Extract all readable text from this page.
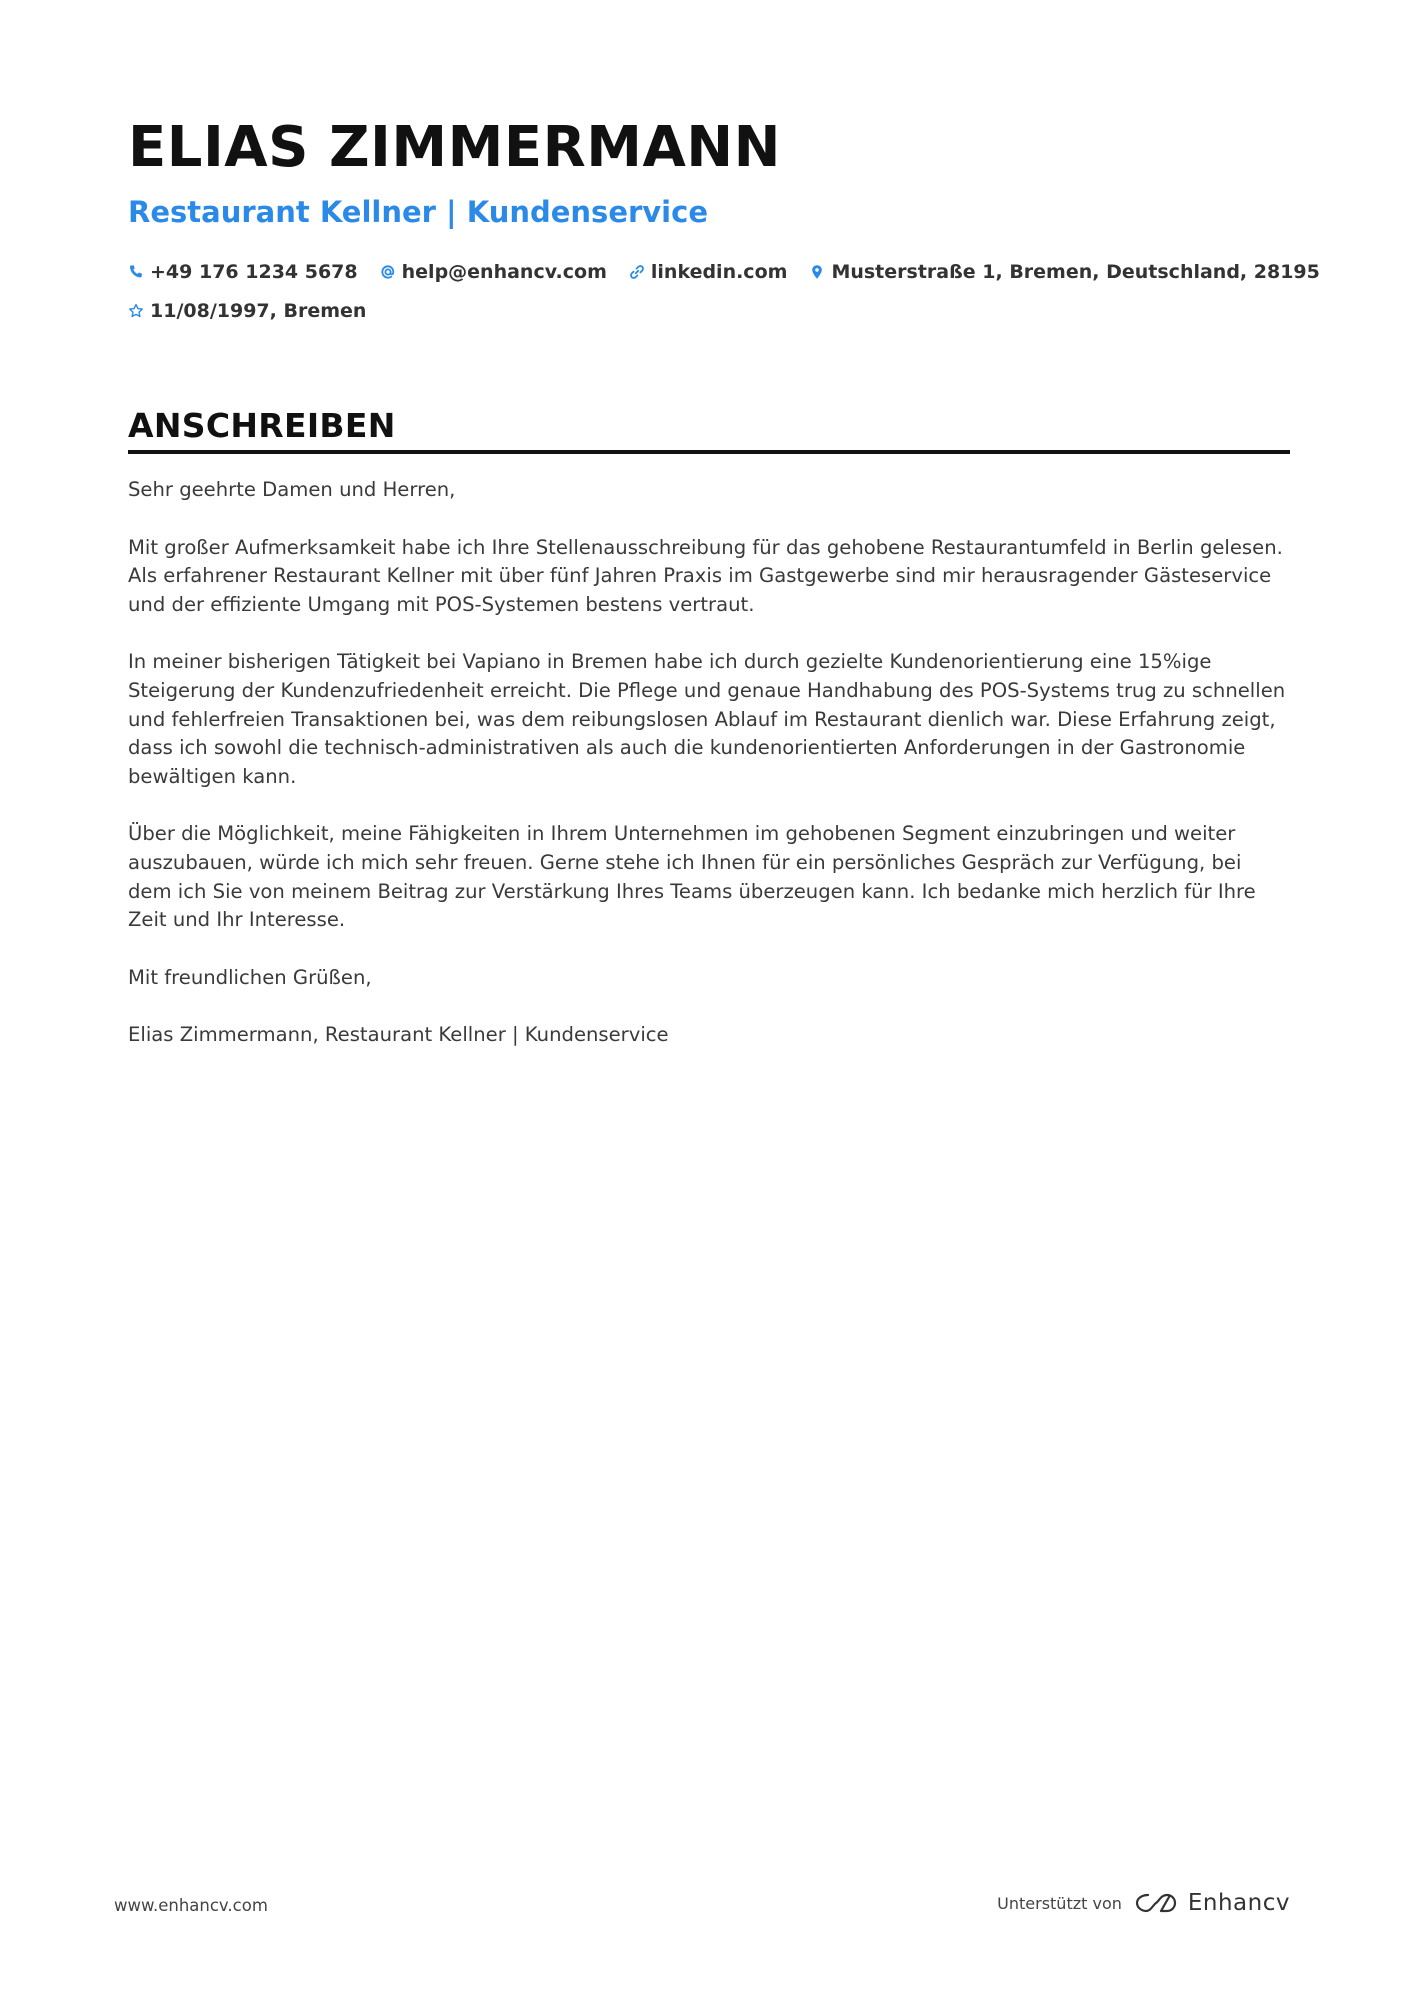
ELIAS ZIMMERMANN
Restaurant Kellner | Kundenservice
+49 176 1234 5678 help@enhancv.com linkedin.com Musterstraße 1, Bremen, Deutschland, 28195
11/08/1997, Bremen
ANSCHREIBEN

Sehr geehrte Damen und Herren,

Mit großer Aufmerksamkeit habe ich Ihre Stellenausschreibung für das gehobene Restaurantumfeld in Berlin gelesen. Als erfahrener Restaurant Kellner mit über fünf Jahren Praxis im Gastgewerbe sind mir herausragender Gästeservice und der effiziente Umgang mit POS-Systemen bestens vertraut.

In meiner bisherigen Tätigkeit bei Vapiano in Bremen habe ich durch gezielte Kundenorientierung eine 15%ige Steigerung der Kundenzufriedenheit erreicht. Die Pflege und genaue Handhabung des POS-Systems trug zu schnellen und fehlerfreien Transaktionen bei, was dem reibungslosen Ablauf im Restaurant dienlich war. Diese Erfahrung zeigt, dass ich sowohl die technisch-administrativen als auch die kundenorientierten Anforderungen in der Gastronomie bewältigen kann.

Über die Möglichkeit, meine Fähigkeiten in Ihrem Unternehmen im gehobenen Segment einzubringen und weiter auszubauen, würde ich mich sehr freuen. Gerne stehe ich Ihnen für ein persönliches Gespräch zur Verfügung, bei dem ich Sie von meinem Beitrag zur Verstärkung Ihres Teams überzeugen kann. Ich bedanke mich herzlich für Ihre Zeit und Ihr Interesse.

Mit freundlichen Grüßen,

Elias Zimmermann, Restaurant Kellner | Kundenservice

www.enhancv.com	Unterstützt von	Enhancv
